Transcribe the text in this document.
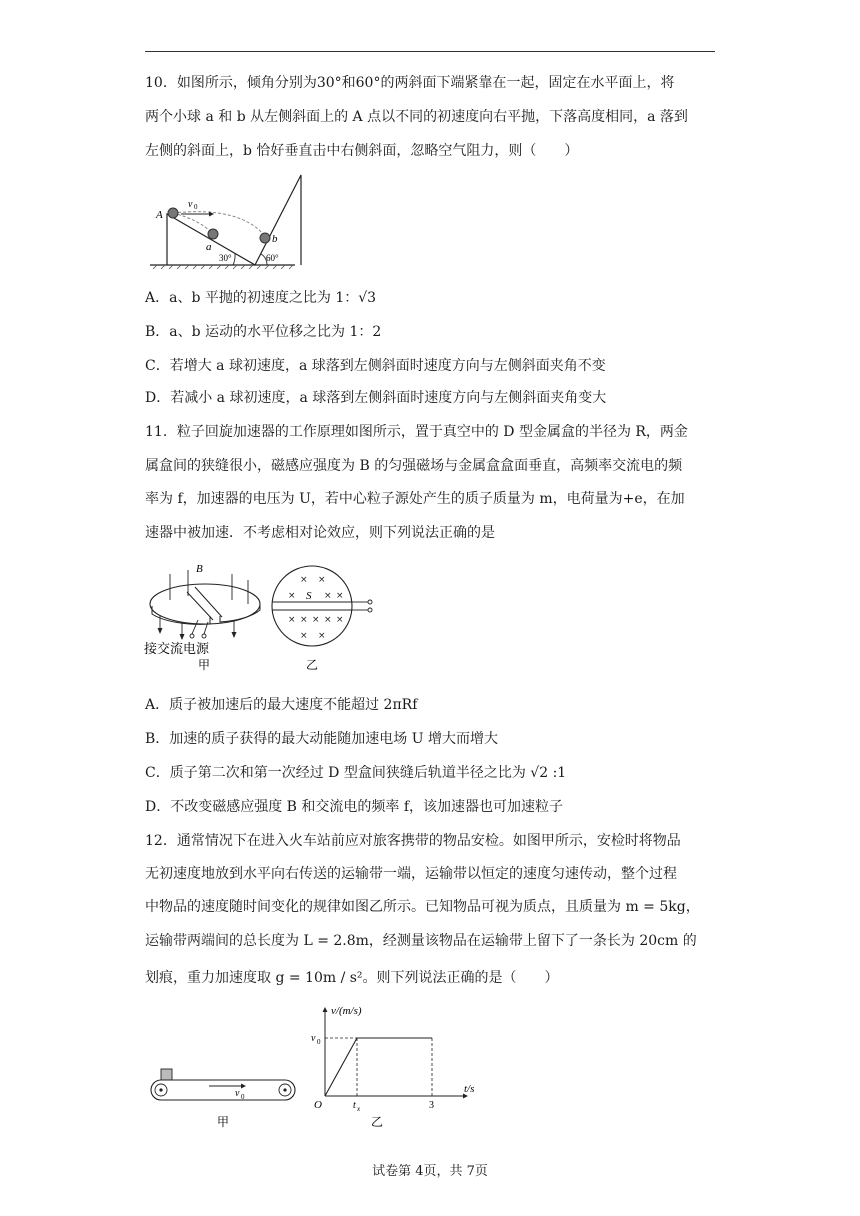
10．如图所示，倾角分别为30°和60°的两斜面下端紧靠在一起，固定在水平面上，将
两个小球 a 和 b 从左侧斜面上的 A 点以不同的初速度向右平抛，下落高度相同，a 落到
左侧的斜面上，b 恰好垂直击中右侧斜面，忽略空气阻力，则（　　）
A
v 0
a
b
30°	60°
A．a、b 平抛的初速度之比为 1：√3
B．a、b 运动的水平位移之比为 1：2
C．若增大 a 球初速度，a 球落到左侧斜面时速度方向与左侧斜面夹角不变
D．若减小 a 球初速度，a 球落到左侧斜面时速度方向与左侧斜面夹角变大
11．粒子回旋加速器的工作原理如图所示，置于真空中的 D 型金属盒的半径为 R，两金
属盒间的狭缝很小，磁感应强度为 B 的匀强磁场与金属盒盒面垂直，高频率交流电的频
率为 f，加速器的电压为 U，若中心粒子源处产生的质子质量为 m，电荷量为+e，在加
速器中被加速．不考虑相对论效应，则下列说法正确的是
B
接交流电源
甲
× ×
×	× ×
× × × × ×
× ×
S
乙
A．质子被加速后的最大速度不能超过 2πRf
B．加速的质子获得的最大动能随加速电场 U 增大而增大
C．质子第二次和第一次经过 D 型盒间狭缝后轨道半径之比为 √2 :1
D．不改变磁感应强度 B 和交流电的频率 f，该加速器也可加速粒子
12．通常情况下在进入火车站前应对旅客携带的物品安检。如图甲所示，安检时将物品
无初速度地放到水平向右传送的运输带一端，运输带以恒定的速度匀速传动，整个过程
中物品的速度随时间变化的规律如图乙所示。已知物品可视为质点，且质量为 m = 5kg，
运输带两端间的总长度为 L = 2.8m，经测量该物品在运输带上留下了一条长为 20cm 的
划痕，重力加速度取 g = 10m / s²。则下列说法正确的是（　　）
v 0
甲
v/(m/s)
t/s
O
v 0
t x	3
乙
试卷第 4页，共 7页
